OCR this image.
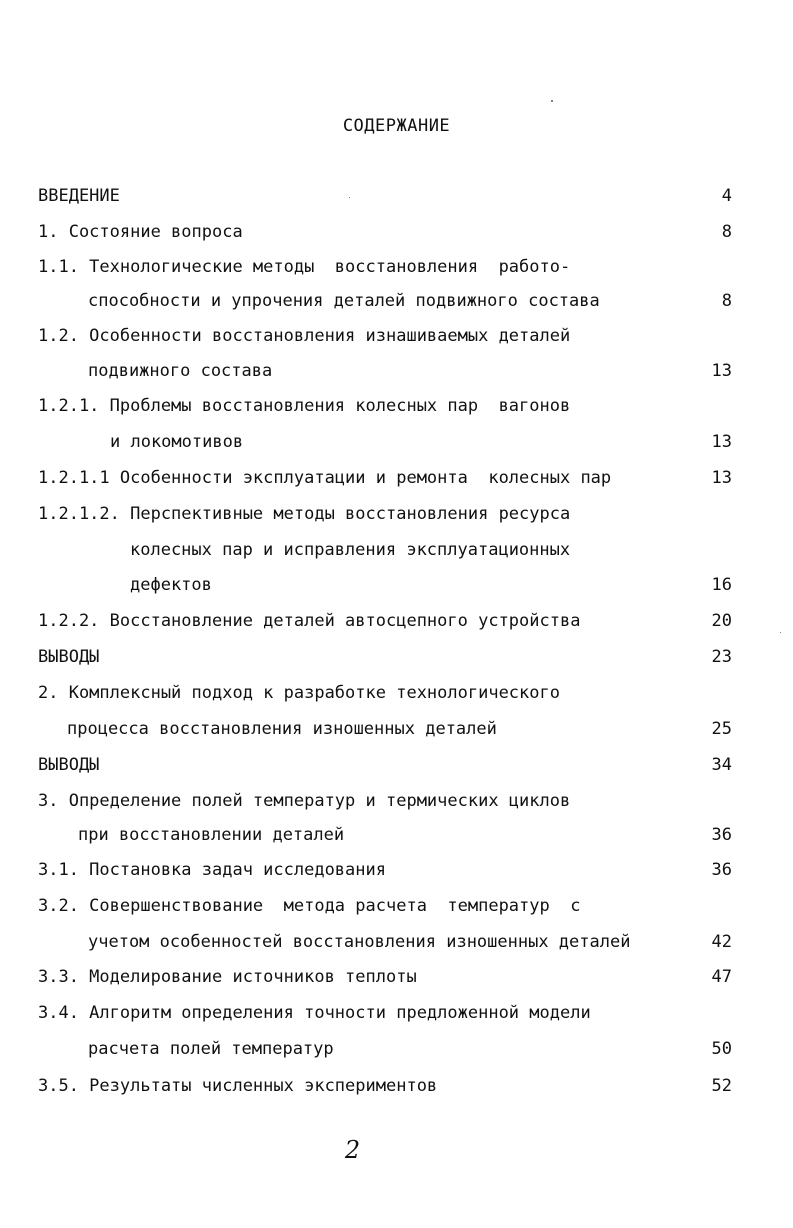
СОДЕРЖАНИЕ
ВВЕДЕНИЕ	4
1. Состояние вопроса	8
1.1. Технологические методы  восстановления  работо-
способности и упрочения деталей подвижного состава	8
1.2. Особенности восстановления изнашиваемых деталей
подвижного состава	13
1.2.1. Проблемы восстановления колесных пар  вагонов
и локомотивов	13
1.2.1.1 Особенности эксплуатации и ремонта  колесных пар	13
1.2.1.2. Перспективные методы восстановления ресурса
колесных пар и исправления эксплуатационных
дефектов	16
1.2.2. Восстановление деталей автосцепного устройства	20
ВЫВОДЫ	23
2. Комплексный подход к разработке технологического
процесса восстановления изношенных деталей	25
ВЫВОДЫ	34
3. Определение полей температур и термических циклов
при восстановлении деталей	36
3.1. Постановка задач исследования	36
3.2. Совершенствование  метода расчета  температур  с
учетом особенностей восстановления изношенных деталей	42
3.3. Моделирование источников теплоты	47
3.4. Алгоритм определения точности предложенной модели
расчета полей температур	50
3.5. Результаты численных экспериментов	52
2
